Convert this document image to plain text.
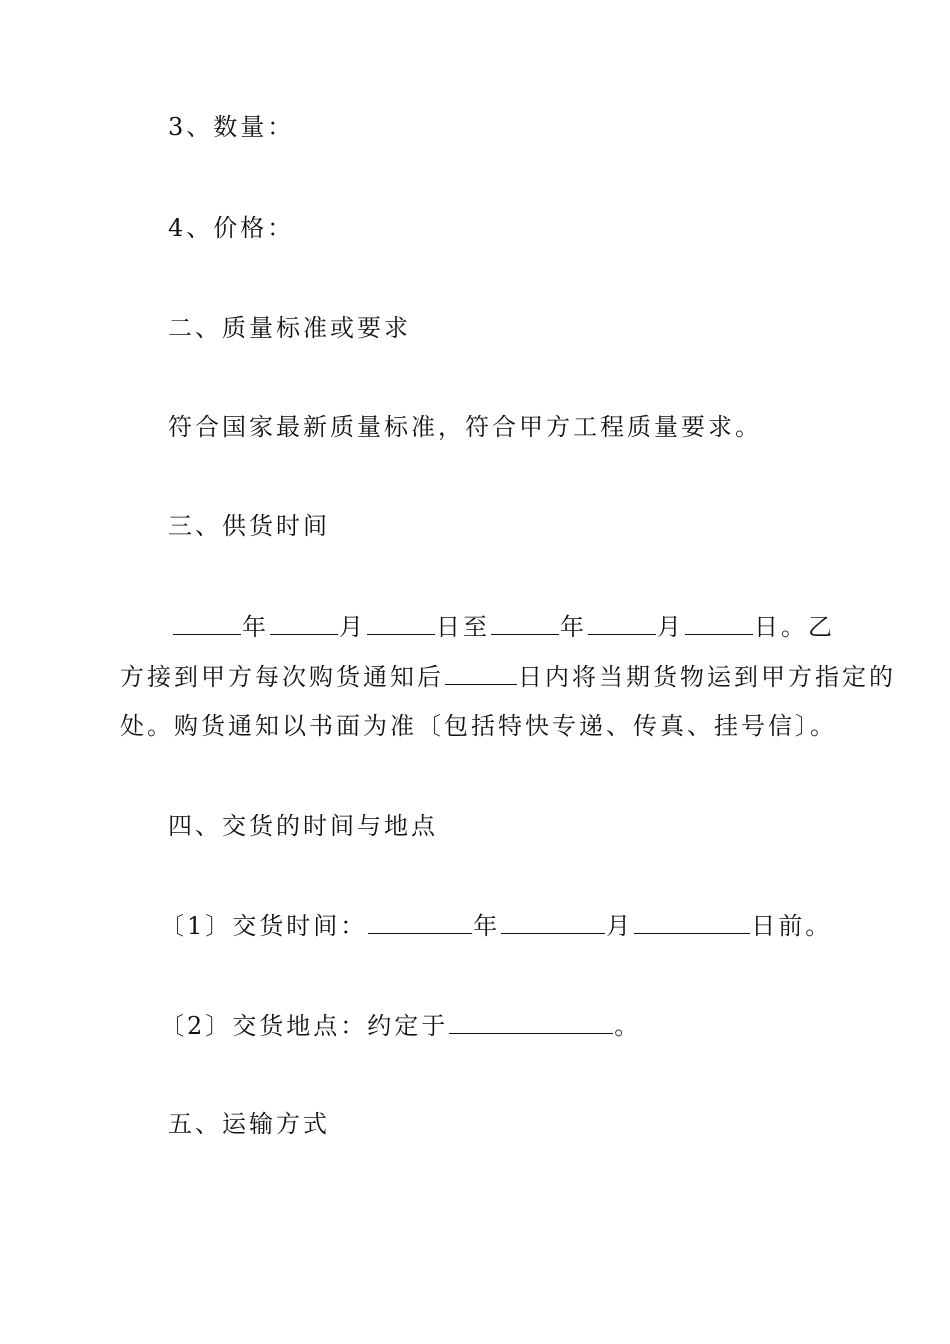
3、数量：
4、价格：
二、质量标准或要求
符合国家最新质量标准，符合甲方工程质量要求。
三、供货时间
年	月	日至	年	月	日。乙
方接到甲方每次购货通知后	日内将当期货物运到甲方指定的
处。购货通知以书面为准〔包括特快专递、传真、挂号信〕。
四、交货的时间与地点
〔1〕交货时间：	年	月	日前。
〔2〕交货地点：约定于	。
五、运输方式
